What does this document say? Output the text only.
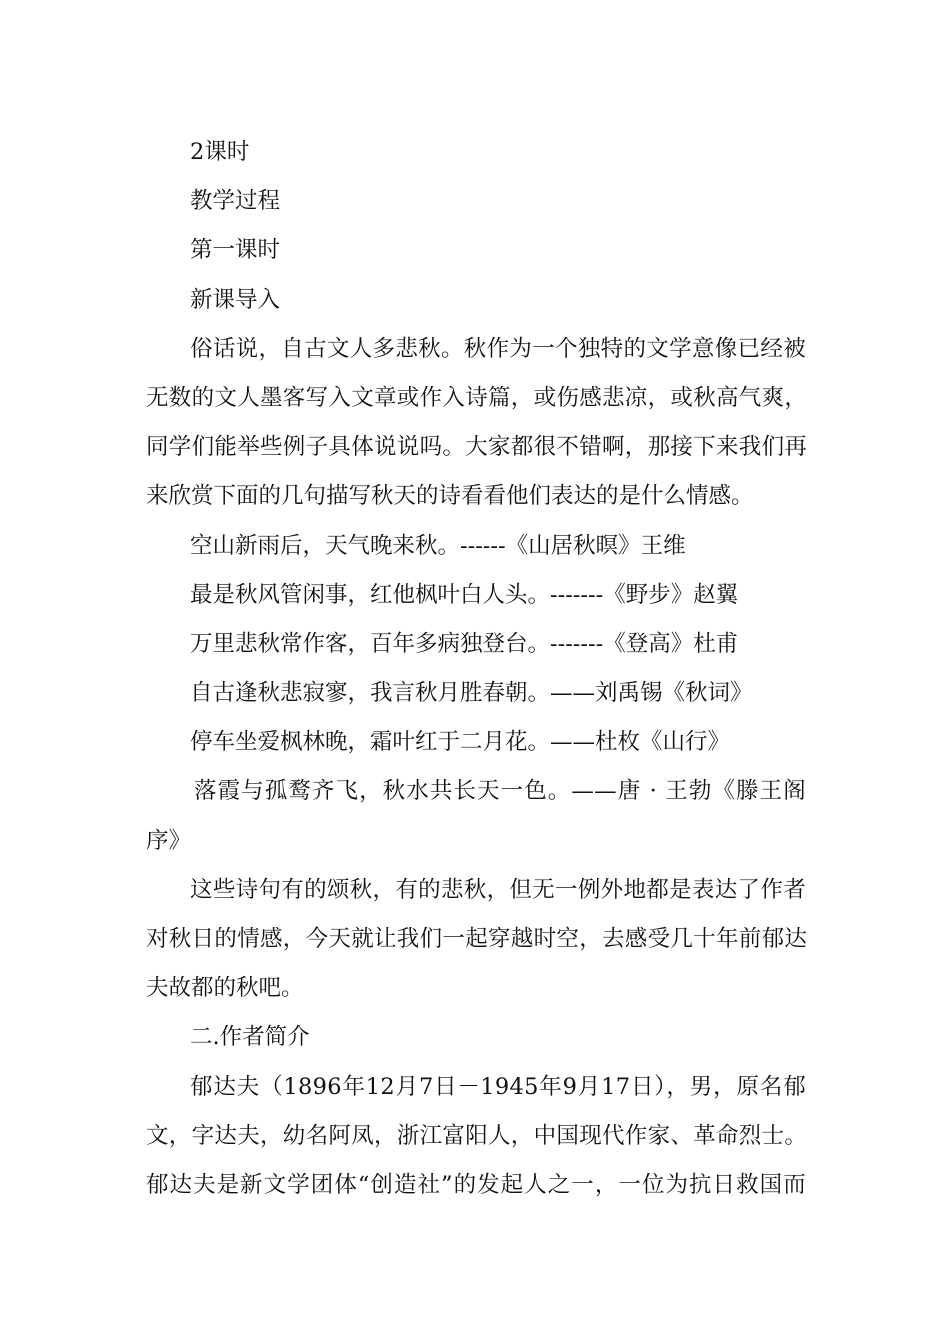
2课时
教学过程
第一课时
新课导入
俗话说，自古文人多悲秋。秋作为一个独特的文学意像已经被
无数的文人墨客写入文章或作入诗篇，或伤感悲凉，或秋高气爽，
同学们能举些例子具体说说吗。大家都很不错啊，那接下来我们再
来欣赏下面的几句描写秋天的诗看看他们表达的是什么情感。
空山新雨后，天气晚来秋。------《山居秋暝》王维
最是秋风管闲事，红他枫叶白人头。-------《野步》赵翼
万里悲秋常作客，百年多病独登台。-------《登高》杜甫
自古逢秋悲寂寥，我言秋月胜春朝。——刘禹锡《秋词》
停车坐爱枫林晚，霜叶红于二月花。——杜枚《山行》
落霞与孤鹜齐飞，秋水共长天一色。——唐 · 王勃《滕王阁
序》
这些诗句有的颂秋，有的悲秋，但无一例外地都是表达了作者
对秋日的情感，今天就让我们一起穿越时空，去感受几十年前郁达
夫故都的秋吧。
二.作者简介
郁达夫（1896年12月7日－1945年9月17日），男，原名郁
文，字达夫，幼名阿凤，浙江富阳人，中国现代作家、革命烈士。
郁达夫是新文学团体“创造社”的发起人之一，一位为抗日救国而
